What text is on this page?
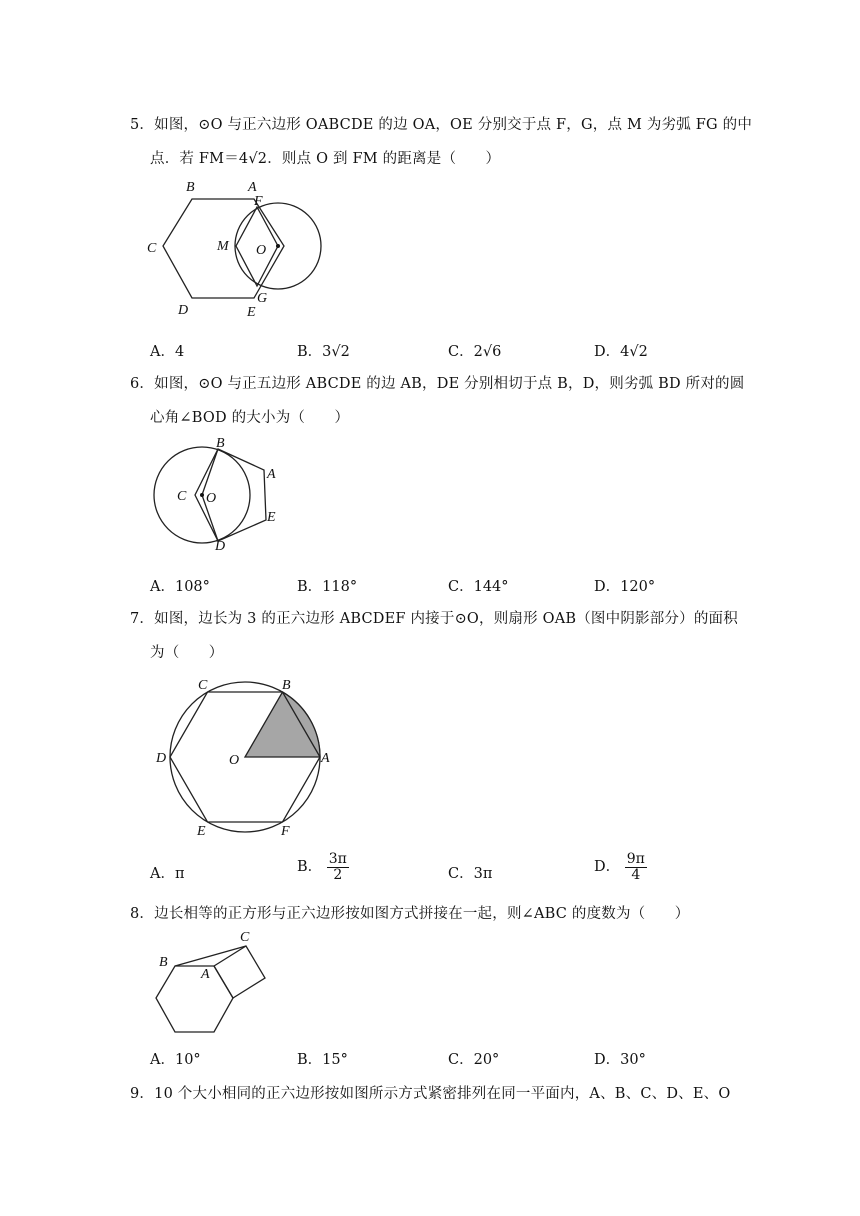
5．如图，⊙O 与正六边形 OABCDE 的边 OA，OE 分别交于点 F，G，点 M 为劣弧 FG 的中
点．若 FM＝4√2．则点 O 到 FM 的距离是（　　）
B	A
F
C	M O
D
G
E
A．4	B．3√2	C．2√6	D．4√2
6．如图，⊙O 与正五边形 ABCDE 的边 AB，DE 分别相切于点 B，D，则劣弧 BD 所对的圆
心角∠BOD 的大小为（　　）
B
A
C O
E
D
A．108°	B．118°	C．144°	D．120°
7．如图，边长为 3 的正六边形 ABCDEF 内接于⊙O，则扇形 OAB（图中阴影部分）的面积
为（　　）
C	B
D	O	A
E	F
A．π	B． $\frac{3\pi}{2}$	C．3π	D． $\frac{9\pi}{4}$
8．边长相等的正方形与正六边形按如图方式拼接在一起，则∠ABC 的度数为（　　）
C
B
A
A．10°	B．15°	C．20°	D．30°
9．10 个大小相同的正六边形按如图所示方式紧密排列在同一平面内，A、B、C、D、E、O
